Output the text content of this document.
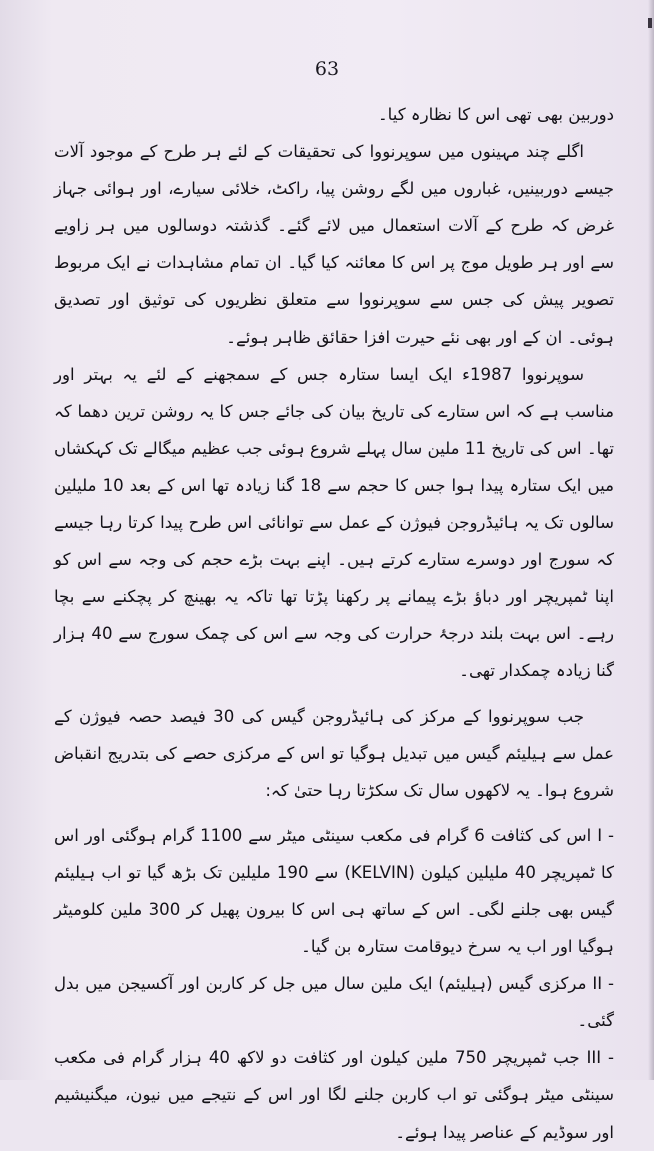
63

دوربین بھی تھی اس کا نظارہ کیا۔

اگلے چند مہینوں میں سوپرنووا کی تحقیقات کے لئے ہر طرح کے موجود آلات جیسے دوربینیں، غباروں میں لگے روشن پیا، راکٹ، خلائی سیارے، اور ہوائی جہاز غرض کہ طرح کے آلات استعمال میں لائے گئے۔ گذشتہ دوسالوں میں ہر زاویے سے اور ہر طویل موج پر اس کا معائنہ کیا گیا۔ ان تمام مشاہدات نے ایک مربوط تصویر پیش کی جس سے سوپرنووا سے متعلق نظریوں کی توثیق اور تصدیق ہوئی۔ ان کے اور بھی نئے حیرت افزا حقائق ظاہر ہوئے۔

سوپرنووا 1987ء ایک ایسا ستارہ جس کے سمجھنے کے لئے یہ بہتر اور مناسب ہے کہ اس ستارے کی تاریخ بیان کی جائے جس کا یہ روشن ترین دھما کہ تھا۔ اس کی تاریخ 11 ملین سال پہلے شروع ہوئی جب عظیم میگالے تک کہکشاں میں ایک ستارہ پیدا ہوا جس کا حجم سے 18 گنا زیادہ تھا اس کے بعد 10 ملیلین سالوں تک یہ ہائیڈروجن فیوژن کے عمل سے توانائی اس طرح پیدا کرتا رہا جیسے کہ سورج اور دوسرے ستارے کرتے ہیں۔ اپنے بہت بڑے حجم کی وجہ سے اس کو اپنا ٹمپریچر اور دباؤ بڑے پیمانے پر رکھنا پڑتا تھا تاکہ یہ بھینچ کر پچکنے سے بچا رہے۔ اس بہت بلند درجۂ حرارت کی وجہ سے اس کی چمک سورج سے 40 ہزار گنا زیادہ چمکدار تھی۔

جب سوپرنووا کے مرکز کی ہائیڈروجن گیس کی 30 فیصد حصہ فیوژن کے عمل سے ہیلیئم گیس میں تبدیل ہوگیا تو اس کے مرکزی حصے کی بتدریج انقباض شروع ہوا۔ یہ لاکھوں سال تک سکڑتا رہا حتیٰ کہ:

I - اس کی کثافت 6 گرام فی مکعب سینٹی میٹر سے 1100 گرام ہوگئی اور اس کا ٹمپریچر 40 ملیلین کیلون (KELVIN) سے 190 ملیلین تک بڑھ گیا تو اب ہیلیئم گیس بھی جلنے لگی۔ اس کے ساتھ ہی اس کا بیرون پھیل کر 300 ملین کلومیٹر ہوگیا اور اب یہ سرخ دیوقامت ستارہ بن گیا۔

II - مرکزی گیس (ہیلیئم) ایک ملین سال میں جل کر کاربن اور آکسیجن میں بدل گئی۔

III - جب ٹمپریچر 750 ملین کیلون اور کثافت دو لاکھ 40 ہزار گرام فی مکعب سینٹی میٹر ہوگئی تو اب کاربن جلنے لگا اور اس کے نتیجے میں نیون، میگنیشیم اور سوڈیم کے عناصر پیدا ہوئے۔
